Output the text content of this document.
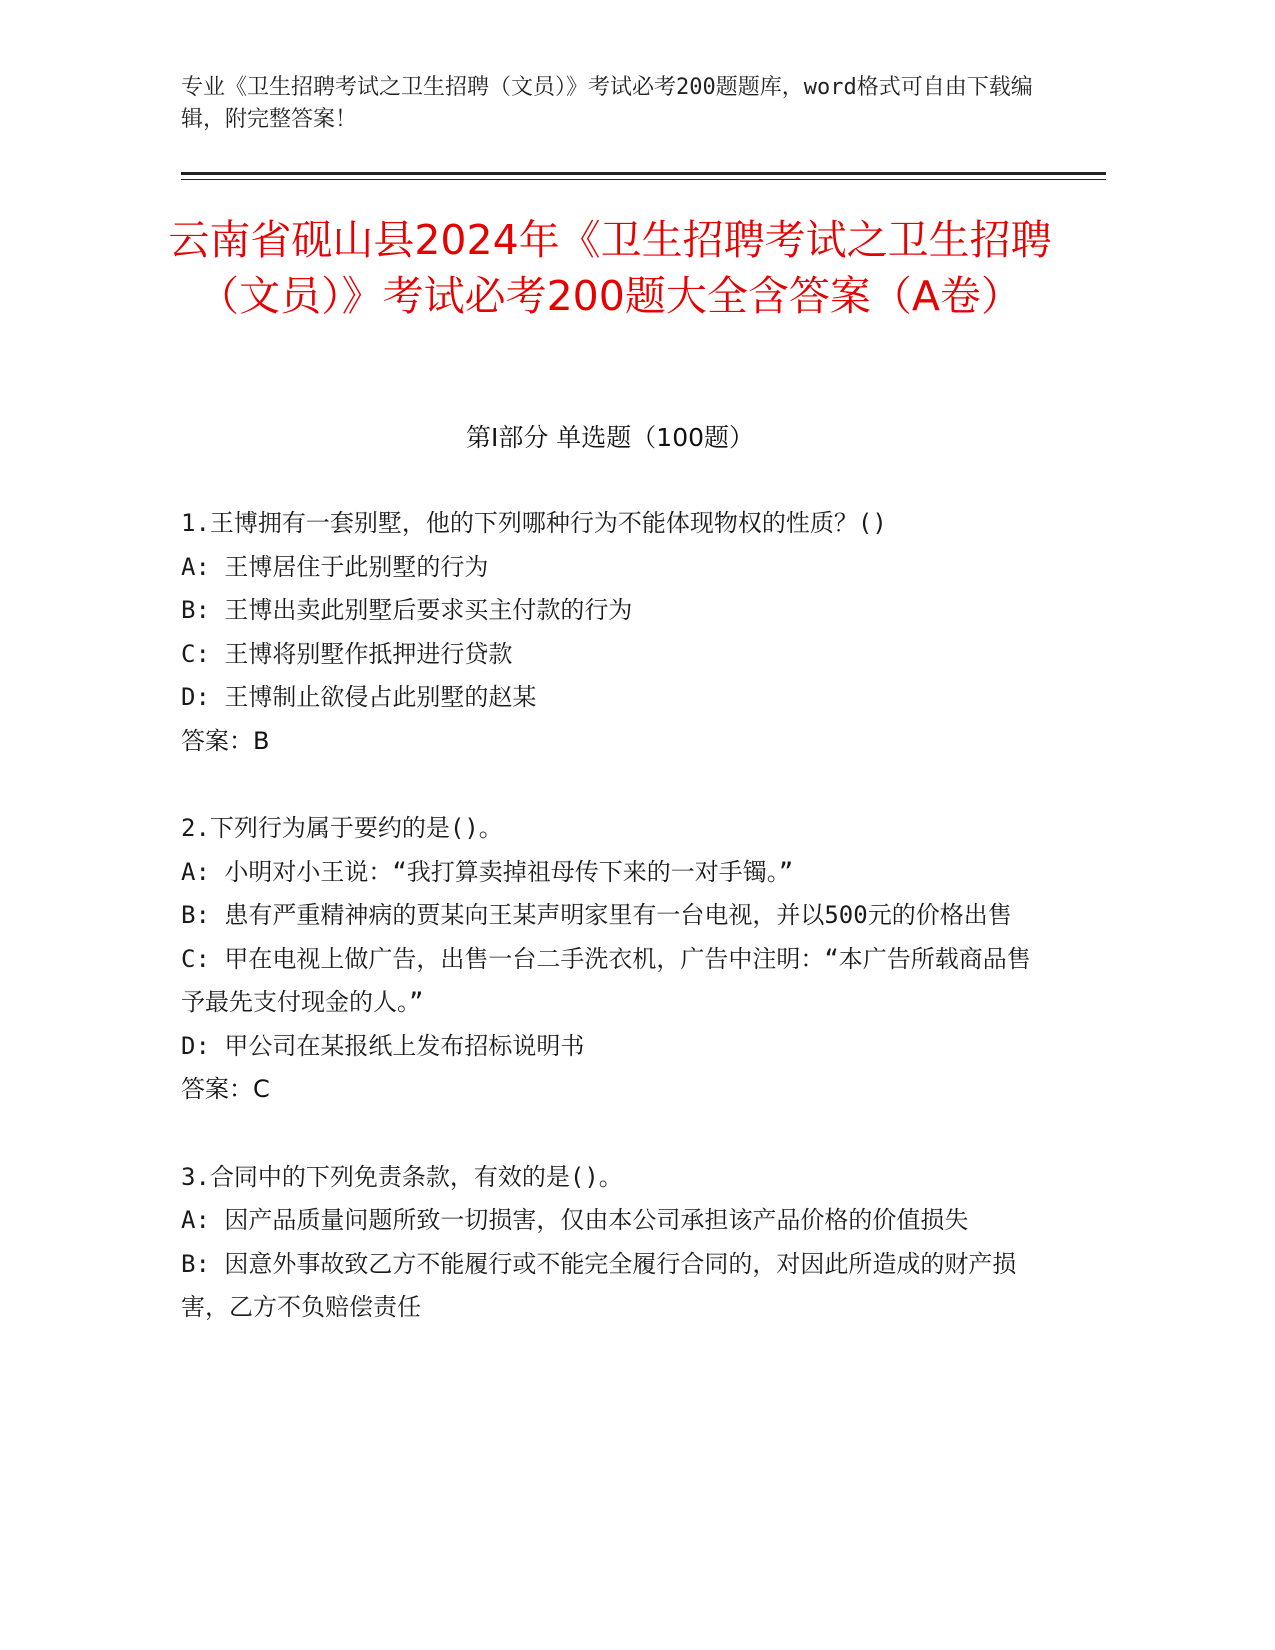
专业《卫生招聘考试之卫生招聘（文员）》考试必考200题题库，word格式可自由下载编辑，附完整答案！
云南省砚山县2024年《卫生招聘考试之卫生招聘（文员）》考试必考200题大全含答案（A卷）
第I部分 单选题（100题）
1.王博拥有一套别墅，他的下列哪种行为不能体现物权的性质？()
A: 王博居住于此别墅的行为
B: 王博出卖此别墅后要求买主付款的行为
C: 王博将别墅作抵押进行贷款
D: 王博制止欲侵占此别墅的赵某
答案：B
2.下列行为属于要约的是()。
A: 小明对小王说：“我打算卖掉祖母传下来的一对手镯。”
B: 患有严重精神病的贾某向王某声明家里有一台电视，并以500元的价格出售
C: 甲在电视上做广告，出售一台二手洗衣机，广告中注明：“本广告所载商品售予最先支付现金的人。”
D: 甲公司在某报纸上发布招标说明书
答案：C
3.合同中的下列免责条款，有效的是()。
A: 因产品质量问题所致一切损害，仅由本公司承担该产品价格的价值损失
B: 因意外事故致乙方不能履行或不能完全履行合同的，对因此所造成的财产损害，乙方不负赔偿责任
